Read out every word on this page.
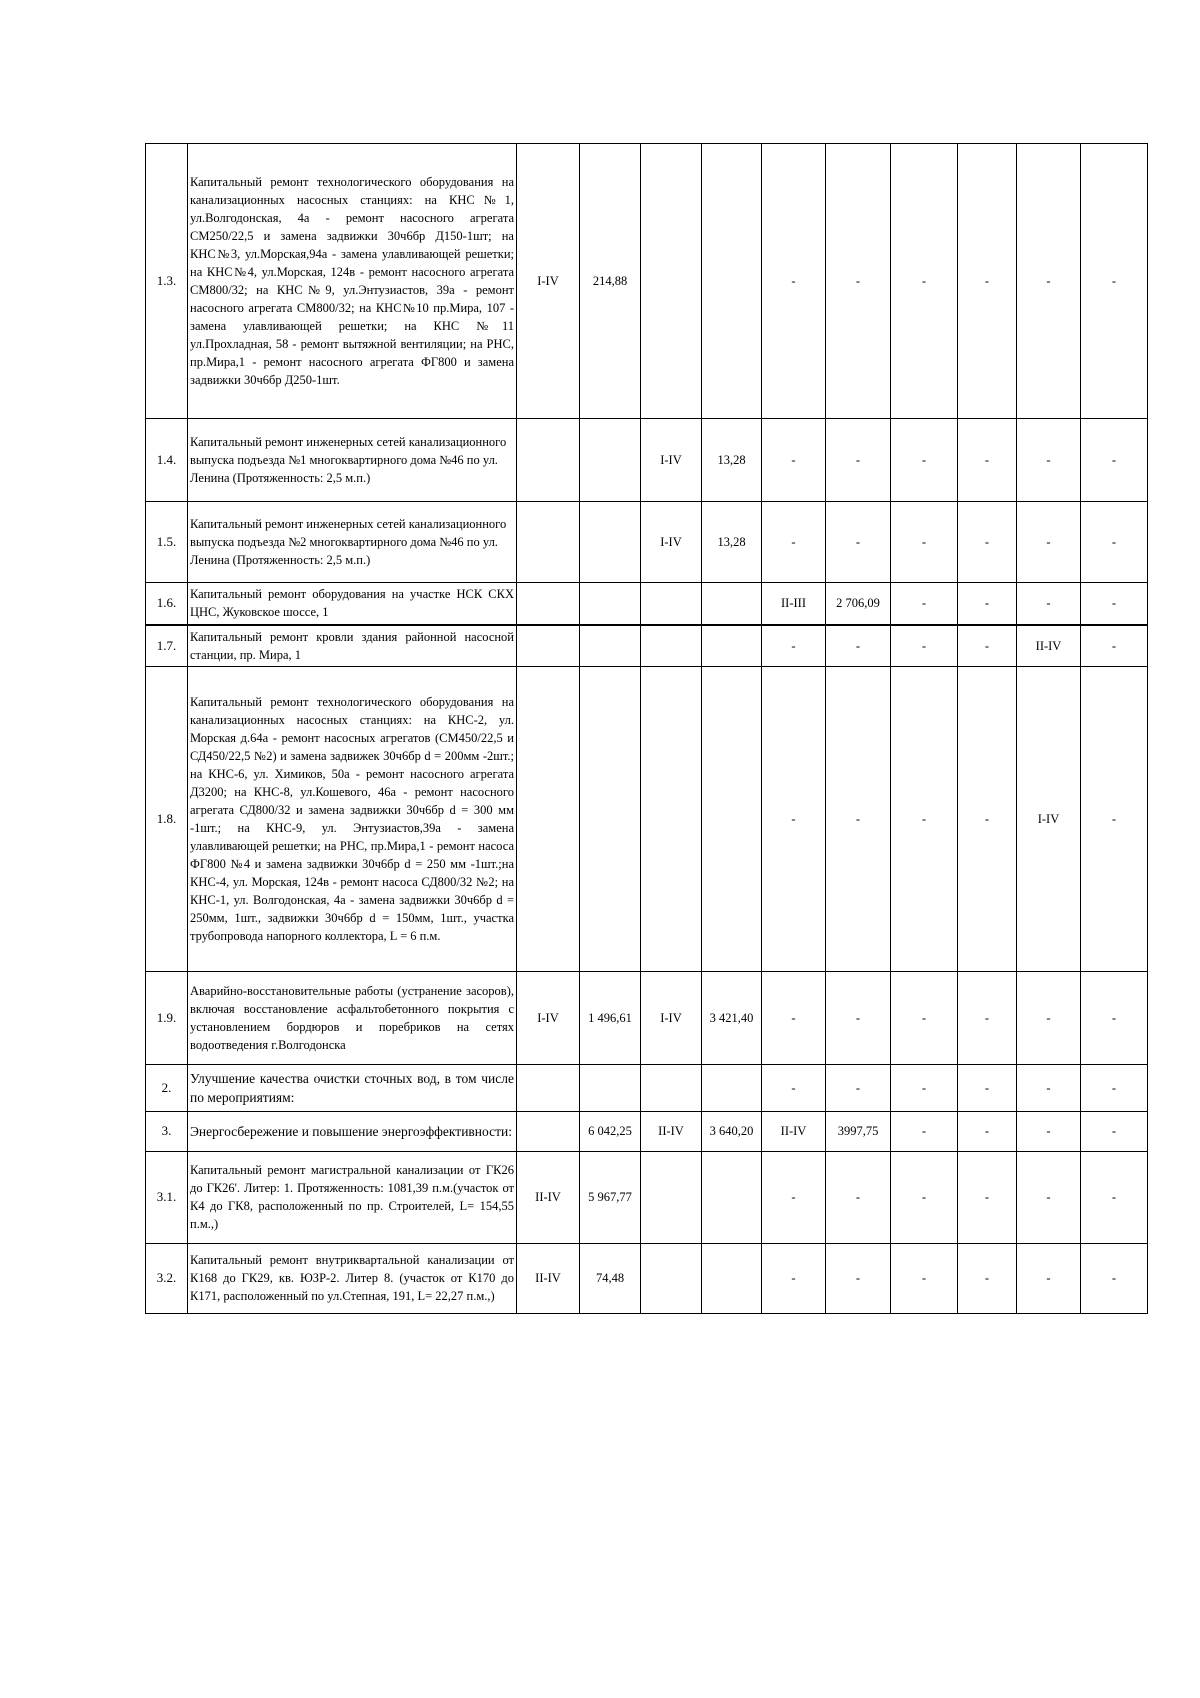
1.3.	Капитальный ремонт технологического оборудования на канализационных насосных станциях: на КНС№1, ул.Волгодонская, 4а - ремонт насосного агрегата СМ250/22,5 и замена задвижки 30ч6бр Д150-1шт; на КНС№3, ул.Морская,94а - замена улавливающей решетки; на КНС№4, ул.Морская, 124в - ремонт насосного агрегата СМ800/32; на КНС№9, ул.Энтузиастов, 39а - ремонт насосного агрегата СМ800/32; на КНС№10 пр.Мира, 107 - замена улавливающей решетки; на КНС №11 ул.Прохладная, 58 - ремонт вытяжной вентиляции; на РНС, пр.Мира,1 - ремонт насосного агрегата ФГ800 и замена задвижки 30ч6бр Д250-1шт.	I-IV	214,88			-	-	-	-	-	-
1.4.	Капитальный ремонт инженерных сетей канализационного выпуска подъезда №1 многоквартирного дома №46 по ул. Ленина (Протяженность: 2,5 м.п.)			I-IV	13,28	-	-	-	-	-	-
1.5.	Капитальный ремонт инженерных сетей канализационного выпуска подъезда №2 многоквартирного дома №46 по ул. Ленина (Протяженность: 2,5 м.п.)			I-IV	13,28	-	-	-	-	-	-
1.6.	Капитальный ремонт оборудования на участке НСК СКХ ЦНС, Жуковское шоссе, 1					II-III	2 706,09	-	-	-	-
1.7.	Капитальный ремонт кровли здания районной насосной станции, пр. Мира, 1					-	-	-	-	II-IV	-
1.8.	Капитальный ремонт технологического оборудования на канализационных насосных станциях: на КНС-2, ул. Морская д.64а - ремонт насосных агрегатов (СМ450/22,5 и СД450/22,5 №2) и замена задвижек 30ч6бр d = 200мм -2шт.; на КНС-6, ул. Химиков, 50а - ремонт насосного агрегата Д3200; на КНС-8, ул.Кошевого, 46а - ремонт насосного агрегата СД800/32 и замена задвижки 30ч6бр d = 300 мм -1шт.; на КНС-9, ул. Энтузиастов,39а - замена улавливающей решетки; на РНС, пр.Мира,1 - ремонт насоса ФГ800 №4 и замена задвижки 30ч6бр d = 250 мм -1шт.;на КНС-4, ул. Морская, 124в - ремонт насоса СД800/32 №2; на КНС-1, ул. Волгодонская, 4а - замена задвижки 30ч6бр d = 250мм, 1шт., задвижки 30ч6бр d = 150мм, 1шт., участка трубопровода напорного коллектора, L = 6 п.м.					-	-	-	-	I-IV	-
1.9.	Аварийно-восстановительные работы (устранение засоров), включая восстановление асфальтобетонного покрытия с установлением бордюров и поребриков на сетях водоотведения г.Волгодонска	I-IV	1 496,61	I-IV	3 421,40	-	-	-	-	-	-
2.	Улучшение качества очистки сточных вод, в том числе по мероприятиям:					-	-	-	-	-	-
3.	Энергосбережение и повышение энергоэффективности:		6 042,25	II-IV	3 640,20	II-IV	3997,75	-	-	-	-
3.1.	Капитальный ремонт магистральной канализации от ГК26 до ГК26'. Литер: 1. Протяженность: 1081,39 п.м.(участок от К4 до ГК8, расположенный по пр. Строителей, L= 154,55 п.м.,)	II-IV	5 967,77			-	-	-	-	-	-
3.2.	Капитальный ремонт внутриквартальной канализации от К168 до ГК29, кв. ЮЗР-2. Литер 8. (участок от К170 до К171, расположенный по ул.Степная, 191, L= 22,27 п.м.,)	II-IV	74,48			-	-	-	-	-	-
